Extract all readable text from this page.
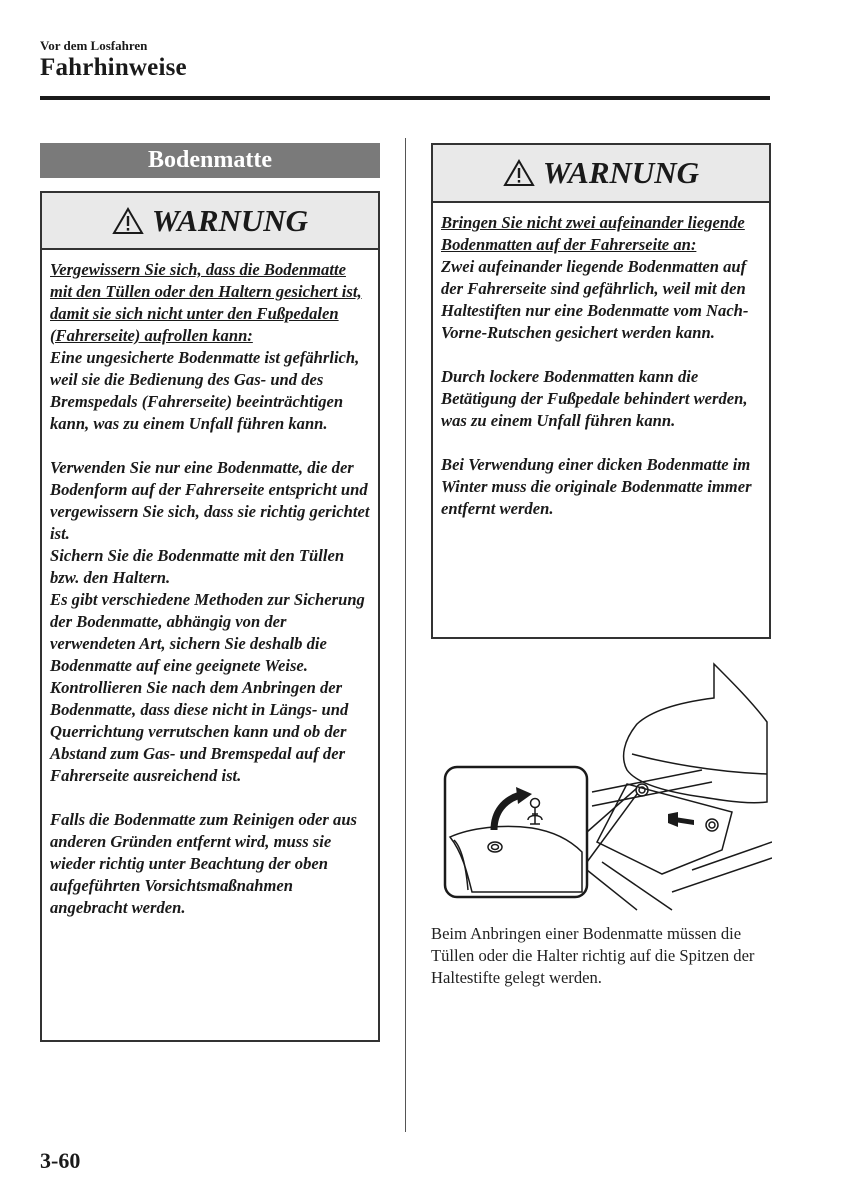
Vor dem Losfahren
Fahrhinweise
Bodenmatte
WARNUNG

Vergewissern Sie sich, dass die Bodenmatte mit den Tüllen oder den Haltern gesichert ist, damit sie sich nicht unter den Fußpedalen (Fahrerseite) aufrollen kann:
Eine ungesicherte Bodenmatte ist gefährlich, weil sie die Bedienung des Gas- und des Bremspedals (Fahrerseite) beeinträchtigen kann, was zu einem Unfall führen kann.

Verwenden Sie nur eine Bodenmatte, die der Bodenform auf der Fahrerseite entspricht und vergewissern Sie sich, dass sie richtig gerichtet ist.
Sichern Sie die Bodenmatte mit den Tüllen bzw. den Haltern.
Es gibt verschiedene Methoden zur Sicherung der Bodenmatte, abhängig von der verwendeten Art, sichern Sie deshalb die Bodenmatte auf eine geeignete Weise.
Kontrollieren Sie nach dem Anbringen der Bodenmatte, dass diese nicht in Längs- und Querrichtung verrutschen kann und ob der Abstand zum Gas- und Bremspedal auf der Fahrerseite ausreichend ist.

Falls die Bodenmatte zum Reinigen oder aus anderen Gründen entfernt wird, muss sie wieder richtig unter Beachtung der oben aufgeführten Vorsichtsmaßnahmen angebracht werden.

WARNUNG

Bringen Sie nicht zwei aufeinander liegende Bodenmatten auf der Fahrerseite an:
Zwei aufeinander liegende Bodenmatten auf der Fahrerseite sind gefährlich, weil mit den Haltestiften nur eine Bodenmatte vom Nach-Vorne-Rutschen gesichert werden kann.

Durch lockere Bodenmatten kann die Betätigung der Fußpedale behindert werden, was zu einem Unfall führen kann.

Bei Verwendung einer dicken Bodenmatte im Winter muss die originale Bodenmatte immer entfernt werden.

Beim Anbringen einer Bodenmatte müssen die Tüllen oder die Halter richtig auf die Spitzen der Haltestifte gelegt werden.
3-60
